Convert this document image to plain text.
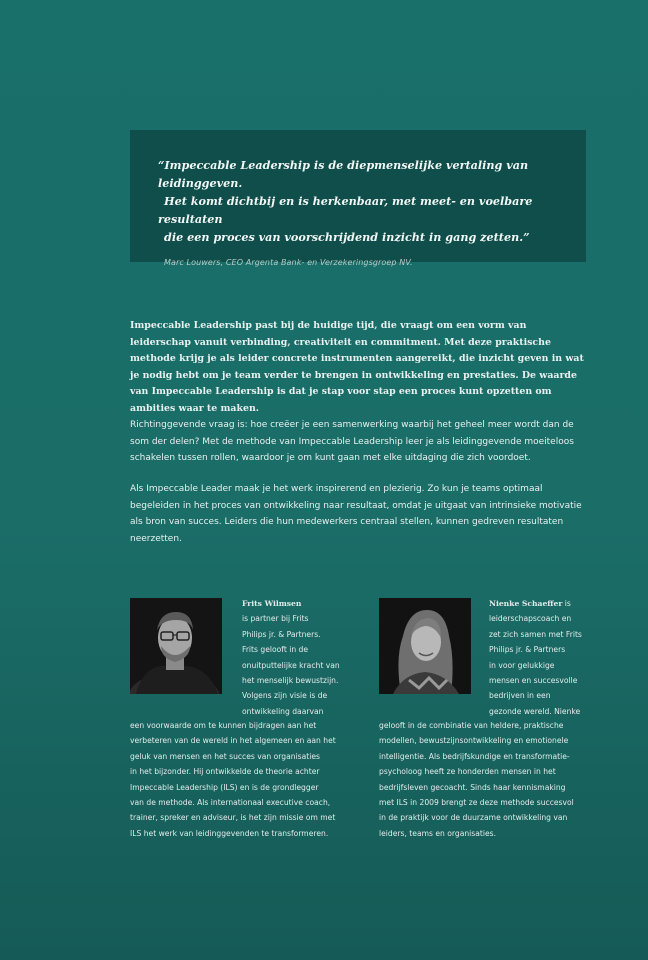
“Impeccable Leadership is de diepmenselijke vertaling van leidinggeven.
Het komt dichtbij en is herkenbaar, met meet- en voelbare resultaten
die een proces van voorschrijdend inzicht in gang zetten.”

Marc Louwers, CEO Argenta Bank- en Verzekeringsgroep NV.

Impeccable Leadership past bij de huidige tijd, die vraagt om een vorm van leiderschap vanuit verbinding, creativiteit en commitment. Met deze praktische methode krijg je als leider concrete instrumenten aangereikt, die inzicht geven in wat je nodig hebt om je team verder te brengen in ontwikkeling en prestaties. De waarde van Impeccable Leadership is dat je stap voor stap een proces kunt opzetten om ambities waar te maken.

Richtinggevende vraag is: hoe creëer je een samenwerking waarbij het geheel meer wordt dan de som der delen? Met de methode van Impeccable Leadership leer je als leidinggevende moeiteloos schakelen tussen rollen, waardoor je om kunt gaan met elke uitdaging die zich voordoet.

Als Impeccable Leader maak je het werk inspirerend en plezierig. Zo kun je teams optimaal begeleiden in het proces van ontwikkeling naar resultaat, omdat je uitgaat van intrinsieke motivatie als bron van succes. Leiders die hun medewerkers centraal stellen, kunnen gedreven resultaten neerzetten.

Frits Wilmsen
is partner bij Frits
Philips jr. & Partners.
Frits gelooft in de
onuitputtelijke kracht van
het menselijk bewustzijn.
Volgens zijn visie is de
ontwikkeling daarvan

een voorwaarde om te kunnen bijdragen aan het
verbeteren van de wereld in het algemeen en aan het
geluk van mensen en het succes van organisaties
in het bijzonder. Hij ontwikkelde de theorie achter
Impeccable Leadership (ILS) en is de grondlegger
van de methode. Als internationaal executive coach,
trainer, spreker en adviseur, is het zijn missie om met
ILS het werk van leidinggevenden te transformeren.

Nienke Schaeffer is
leiderschapscoach en
zet zich samen met Frits
Philips jr. & Partners
in voor gelukkige
mensen en succesvolle
bedrijven in een
gezonde wereld. Nienke

gelooft in de combinatie van heldere, praktische
modellen, bewustzijnsontwikkeling en emotionele
intelligentie. Als bedrijfskundige en transformatie-
psycholoog heeft ze honderden mensen in het
bedrijfsleven gecoacht. Sinds haar kennismaking
met ILS in 2009 brengt ze deze methode succesvol
in de praktijk voor de duurzame ontwikkeling van
leiders, teams en organisaties.
